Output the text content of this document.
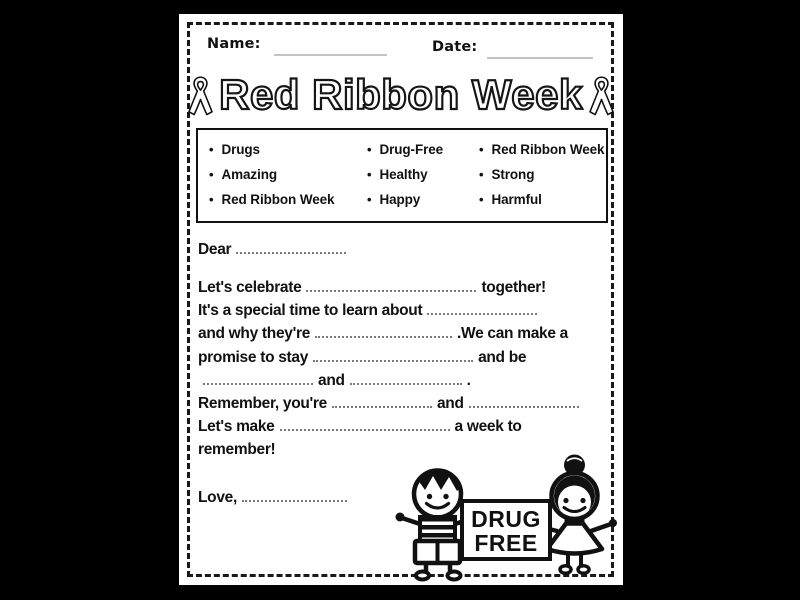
Name:	Date:
Red Ribbon Week
• Drugs
• Amazing
• Red Ribbon Week
• Drug-Free
• Healthy
• Happy
• Red Ribbon Week
• Strong
• Harmful
Dear
Let's celebrate	together!
It's a special time to learn about
and why they're	.We can make a
promise to stay	and be
and	.
Remember, you're	and
Let's make	a week to
remember!
Love,
DRUG
FREE
